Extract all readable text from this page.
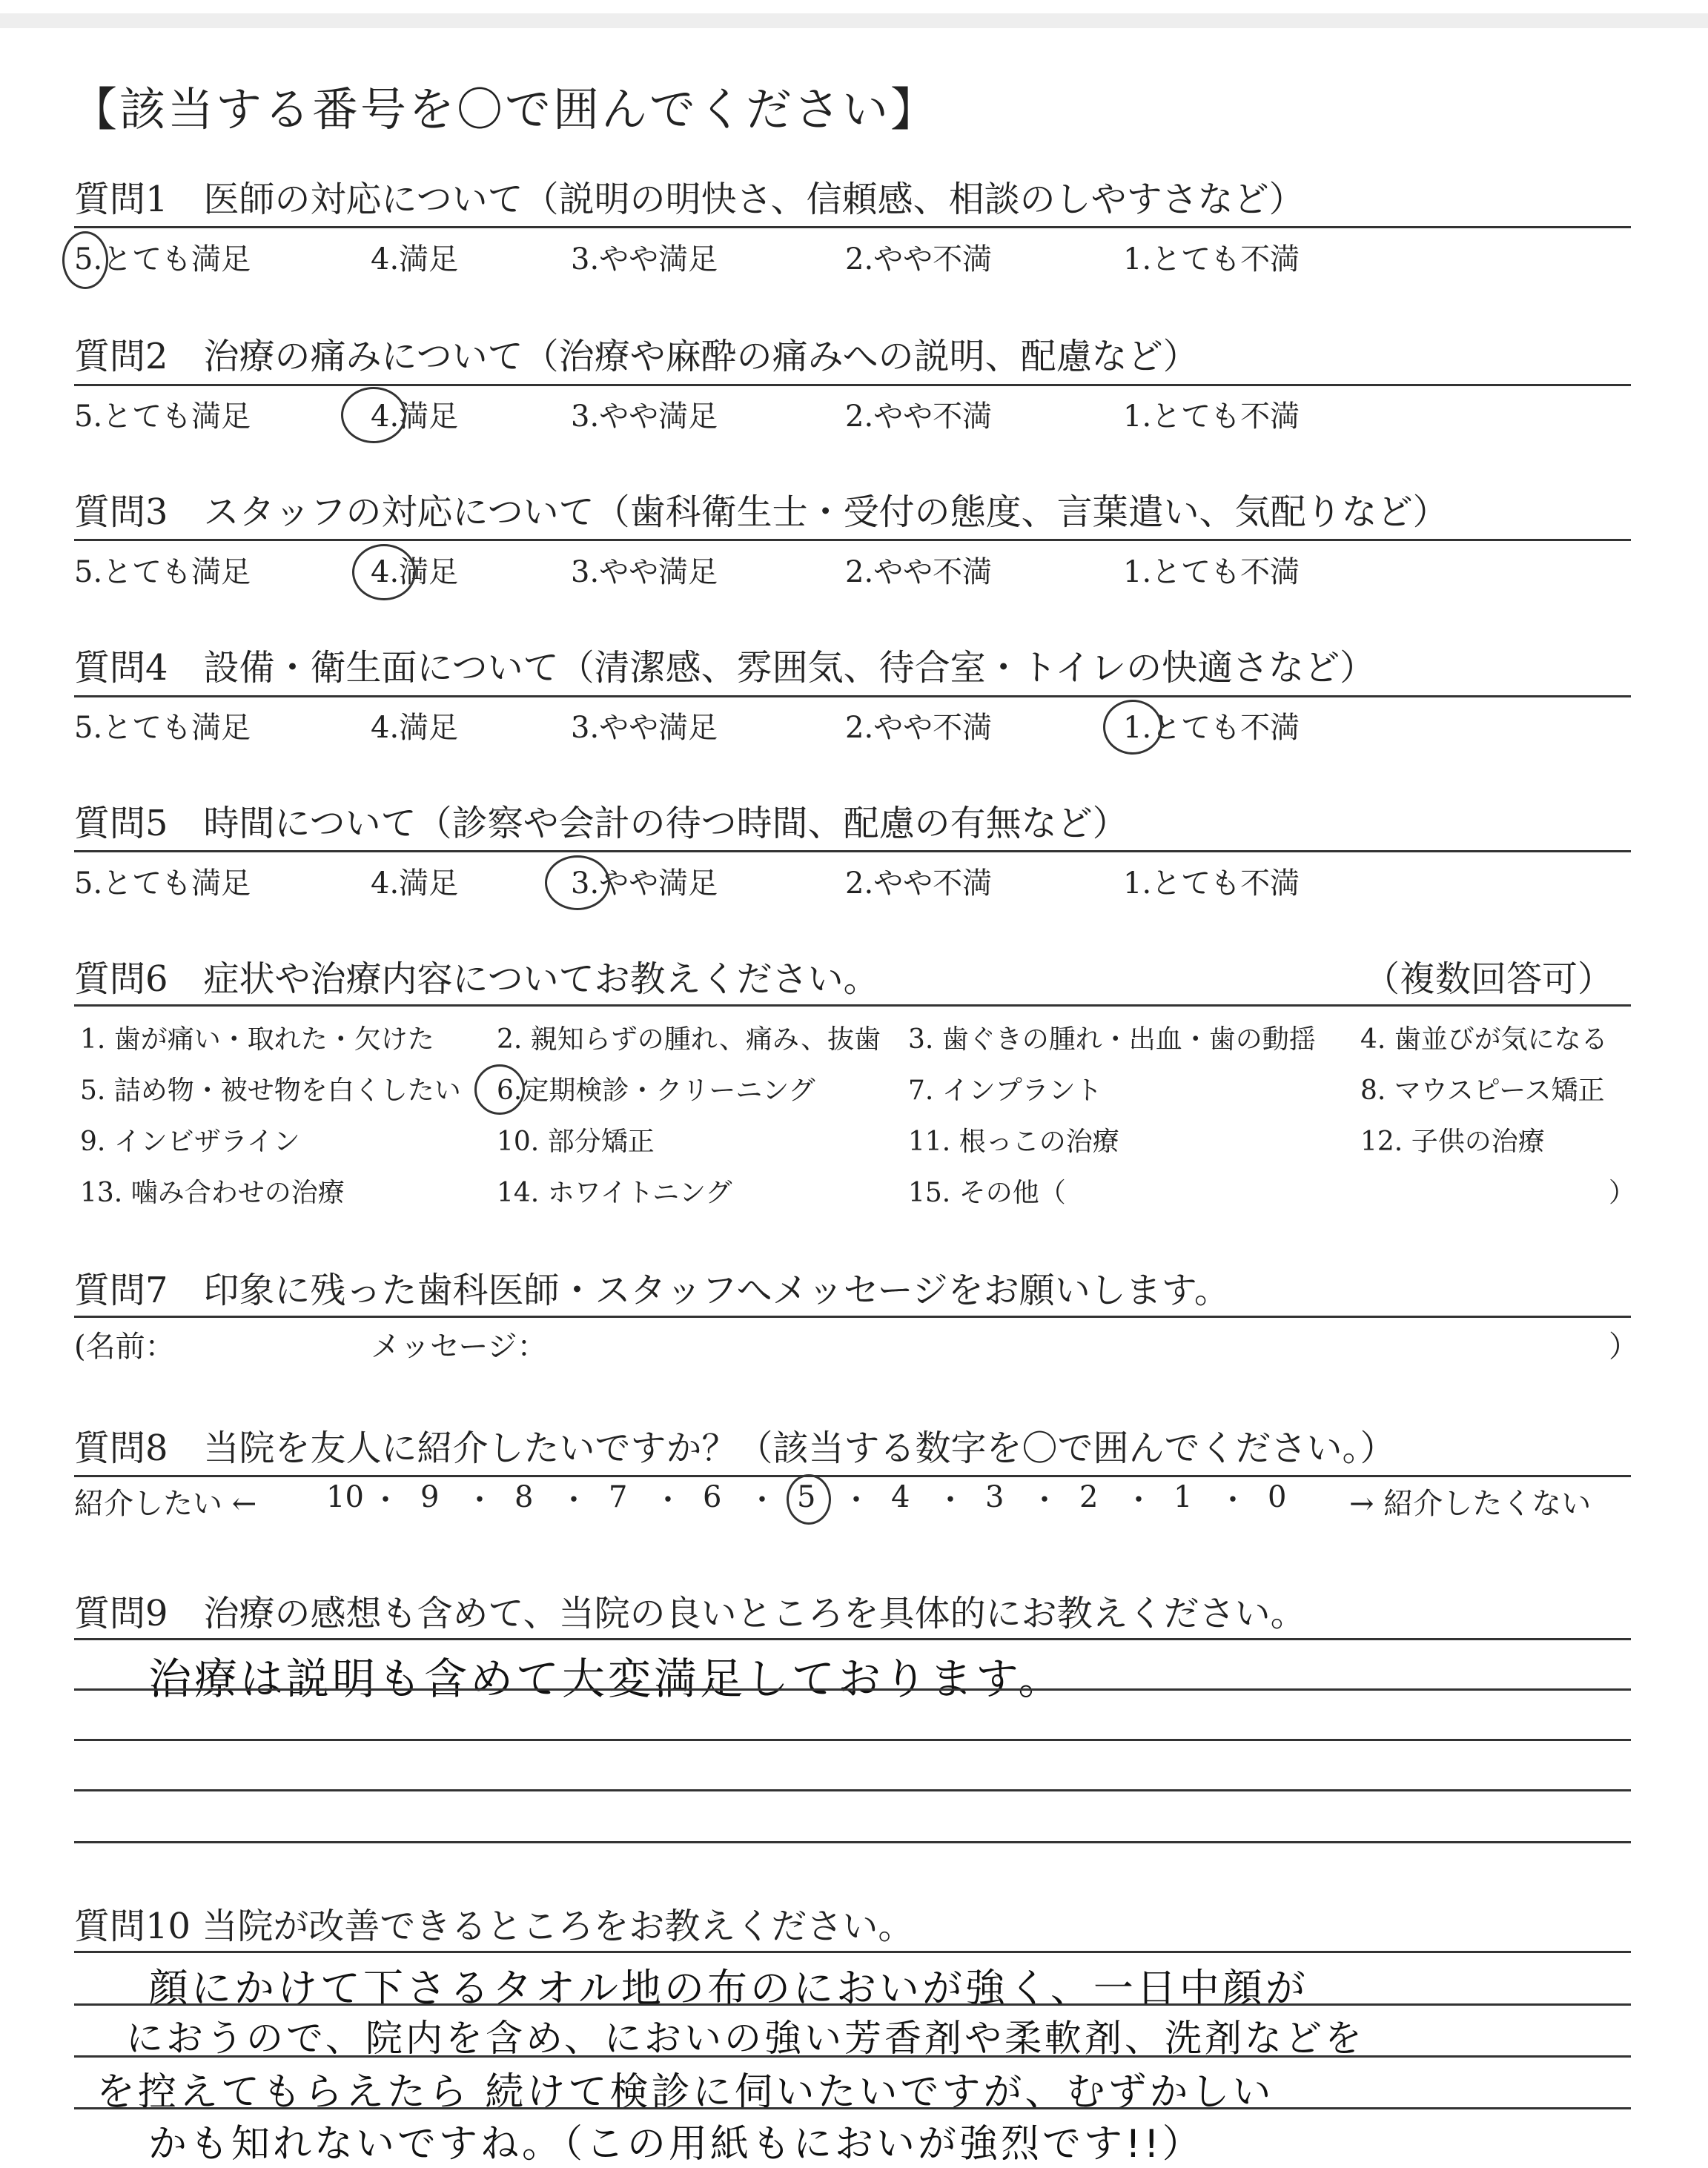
【該当する番号を〇で囲んでください】
質問1　医師の対応について（説明の明快さ、信頼感、相談のしやすさなど）
5.とても満足	4.満足	3.やや満足	2.やや不満	1.とても不満
質問2　治療の痛みについて（治療や麻酔の痛みへの説明、配慮など）
5.とても満足	4.満足	3.やや満足	2.やや不満	1.とても不満
質問3　スタッフの対応について（歯科衛生士・受付の態度、言葉遣い、気配りなど）
5.とても満足	4.満足	3.やや満足	2.やや不満	1.とても不満
質問4　設備・衛生面について（清潔感、雰囲気、待合室・トイレの快適さなど）
5.とても満足	4.満足	3.やや満足	2.やや不満	1.とても不満
質問5　時間について（診察や会計の待つ時間、配慮の有無など）
5.とても満足	4.満足	3.やや満足	2.やや不満	1.とても不満
質問6　症状や治療内容についてお教えください。	（複数回答可）
1. 歯が痛い・取れた・欠けた 2. 親知らずの腫れ、痛み、抜歯 3. 歯ぐきの腫れ・出血・歯の動揺 4. 歯並びが気になる
5. 詰め物・被せ物を白くしたい 6.定期検診・クリーニング	7. インプラント	8. マウスピース矯正
9. インビザライン	10. 部分矯正	11. 根っこの治療	12. 子供の治療
13. 噛み合わせの治療	14. ホワイトニング	15. その他（	）
質問7　印象に残った歯科医師・スタッフへメッセージをお願いします。
(名前：	メッセージ：	）
質問8　当院を友人に紹介したいですか？（該当する数字を〇で囲んでください。）
紹介したい ← 10 ・ 9 ・ 8 ・ 7 ・ 6 ・ 5 ・ 4 ・ 3 ・ 2 ・ 1 ・ 0 → 紹介したくない
質問9　治療の感想も含めて、当院の良いところを具体的にお教えください。
治療は説明も含めて大変満足しております。
質問10 当院が改善できるところをお教えください。
顔にかけて下さるタオル地の布のにおいが強く、一日中顔が
におうので、院内を含め、においの強い芳香剤や柔軟剤、洗剤などを
を控えてもらえたら 続けて検診に伺いたいですが、むずかしい
かも知れないですね。（この用紙もにおいが強烈です!!）
